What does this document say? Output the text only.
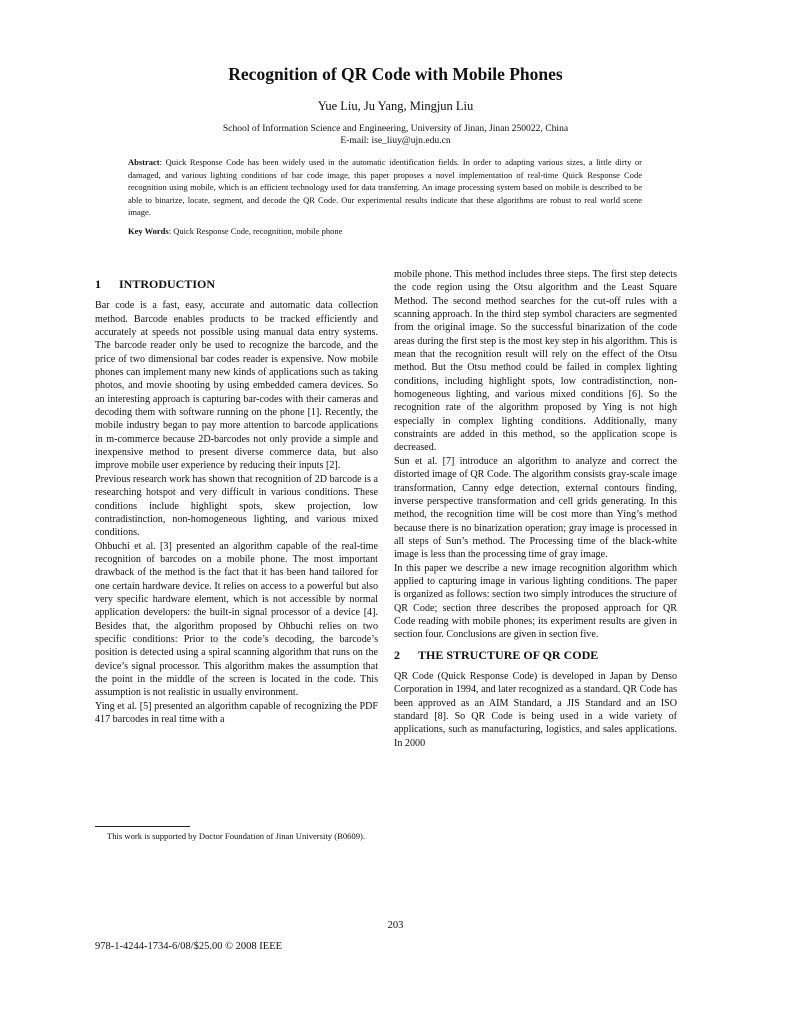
Recognition of QR Code with Mobile Phones
Yue Liu, Ju Yang, Mingjun Liu
School of Information Science and Engineering, University of Jinan, Jinan 250022, China
E-mail: ise_liuy@ujn.edu.cn
Abstract: Quick Response Code has been widely used in the automatic identification fields. In order to adapting various sizes, a little dirty or damaged, and various lighting conditions of bar code image, this paper proposes a novel implementation of real-time Quick Response Code recognition using mobile, which is an efficient technology used for data transferring. An image processing system based on mobile is described to be able to binarize, locate, segment, and decode the QR Code. Our experimental results indicate that these algorithms are robust to real world scene image.
Key Words: Quick Response Code, recognition, mobile phone
1 INTRODUCTION

Bar code is a fast, easy, accurate and automatic data collection method. Barcode enables products to be tracked efficiently and accurately at speeds not possible using manual data entry systems. The barcode reader only be used to recognize the barcode, and the price of two dimensional bar codes reader is expensive. Now mobile phones can implement many new kinds of applications such as taking photos, and movie shooting by using embedded camera devices. So an interesting approach is capturing bar-codes with their cameras and decoding them with software running on the phone [1]. Recently, the mobile industry began to pay more attention to barcode applications in m-commerce because 2D-barcodes not only provide a simple and inexpensive method to present diverse commerce data, but also improve mobile user experience by reducing their inputs [2].

Previous research work has shown that recognition of 2D barcode is a researching hotspot and very difficult in various conditions. These conditions include highlight spots, skew projection, low contradistinction, non-homogeneous lighting, and various mixed conditions.

Ohbuchi et al. [3] presented an algorithm capable of the real-time recognition of barcodes on a mobile phone. The most important drawback of the method is the fact that it has been hand tailored for one certain hardware device. It relies on access to a powerful but also very specific hardware element, which is not accessible by normal application developers: the built-in signal processor of a device [4]. Besides that, the algorithm proposed by Ohbuchi relies on two specific conditions: Prior to the code’s decoding, the barcode’s position is detected using a spiral scanning algorithm that runs on the device’s signal processor. This algorithm makes the assumption that the point in the middle of the screen is located in the code. This assumption is not realistic in usually environment.

Ying et al. [5] presented an algorithm capable of recognizing the PDF 417 barcodes in real time with a

mobile phone. This method includes three steps. The first step detects the code region using the Otsu algorithm and the Least Square Method. The second method searches for the cut-off rules with a scanning approach. In the third step symbol characters are segmented from the original image. So the successful binarization of the code areas during the first step is the most key step in his algorithm. This is mean that the recognition result will rely on the effect of the Otsu method. But the Otsu method could be failed in complex lighting conditions, including highlight spots, low contradistinction, non-homogeneous lighting, and various mixed conditions [6]. So the recognition rate of the algorithm proposed by Ying is not high especially in complex lighting conditions. Additionally, many constraints are added in this method, so the application scope is decreased.

Sun et al. [7] introduce an algorithm to analyze and correct the distorted image of QR Code. The algorithm consists gray-scale image transformation, Canny edge detection, external contours finding, inverse perspective transformation and cell grids generating. In this method, the recognition time will be cost more than Ying’s method because there is no binarization operation; gray image is processed in all steps of Sun’s method. The Processing time of the black-white image is less than the processing time of gray image.

In this paper we describe a new image recognition algorithm which applied to capturing image in various lighting conditions. The paper is organized as follows: section two simply introduces the structure of QR Code; section three describes the proposed approach for QR Code reading with mobile phones; its experiment results are given in section four. Conclusions are given in section five.

2 THE STRUCTURE OF QR CODE

QR Code (Quick Response Code) is developed in Japan by Denso Corporation in 1994, and later recognized as a standard. QR Code has been approved as an AIM Standard, a JIS Standard and an ISO standard [8]. So QR Code is being used in a wide variety of applications, such as manufacturing, logistics, and sales applications. In 2000

This work is supported by Doctor Foundation of Jinan University (B0609).
203
978-1-4244-1734-6/08/$25.00 © 2008 IEEE
